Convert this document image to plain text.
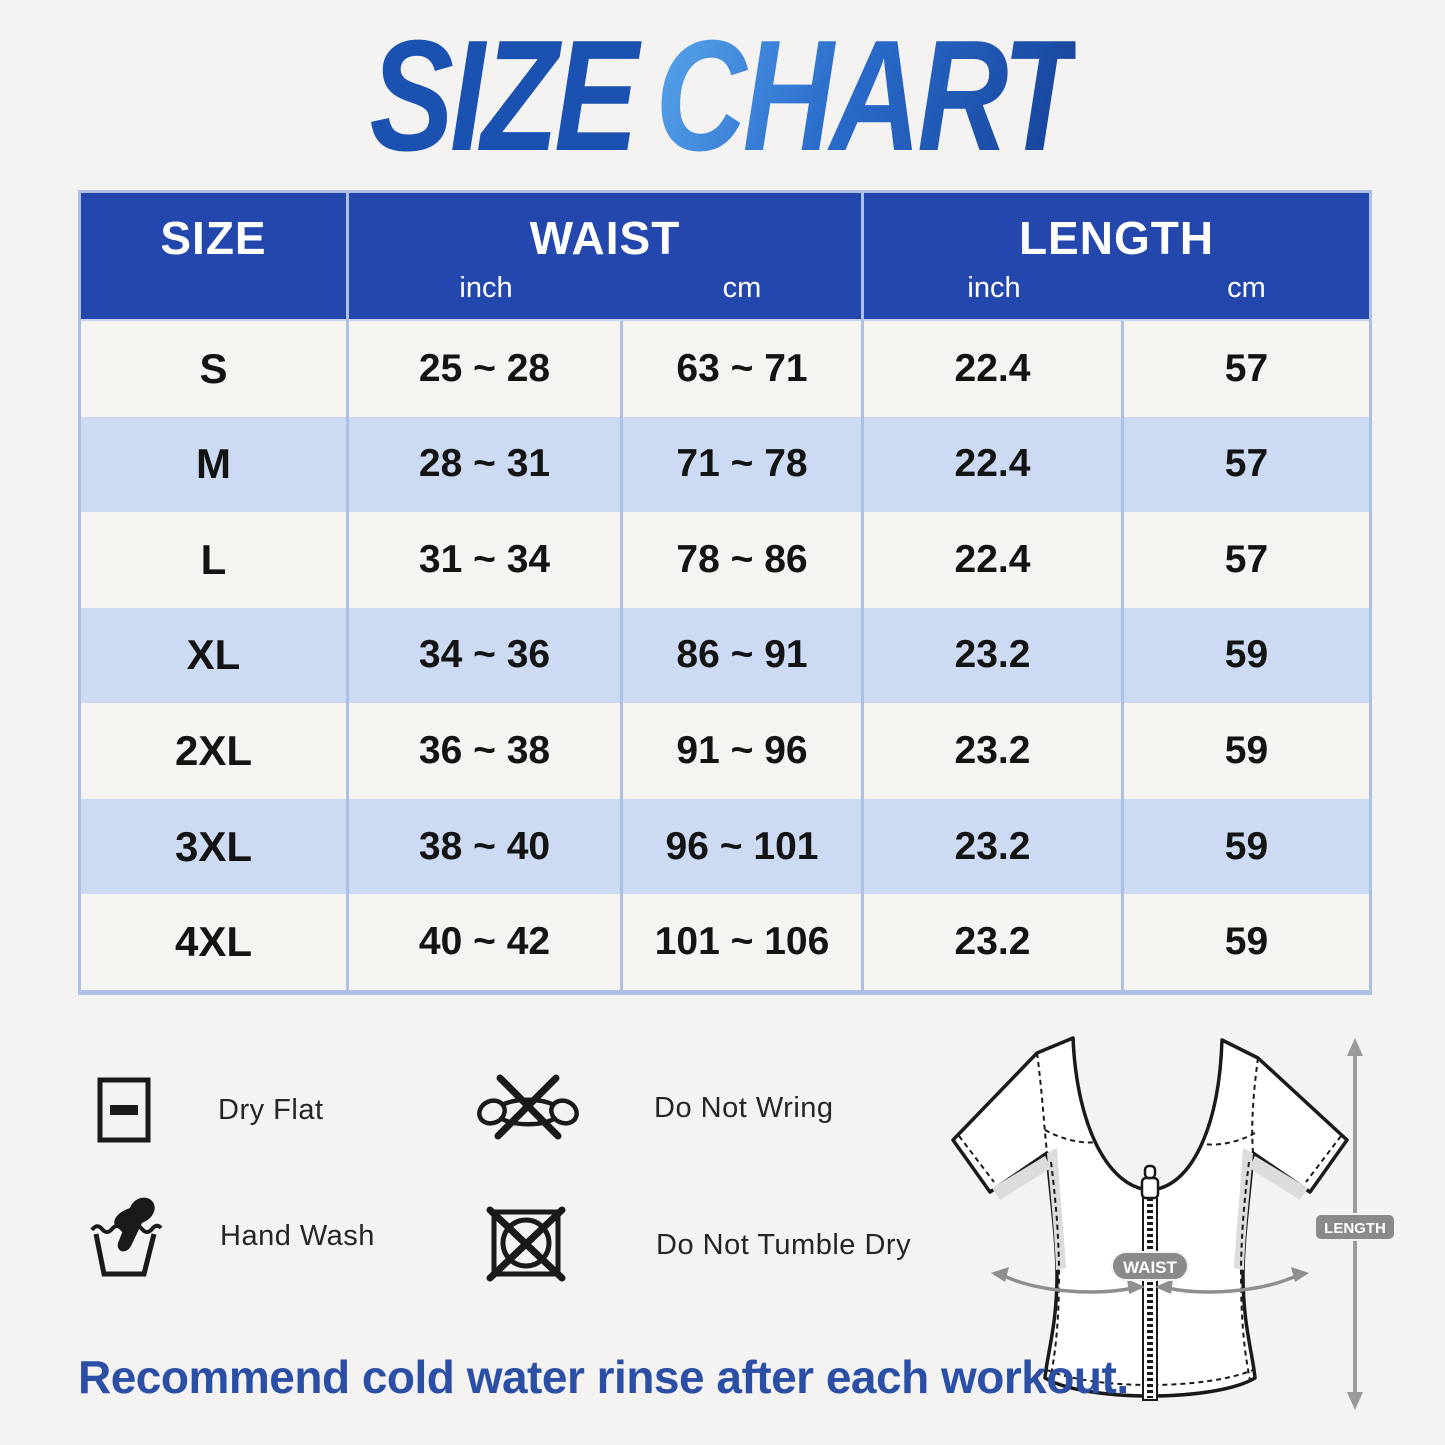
SIZE CHART
SIZE	WAIST
inch	cm
LENGTH
inch	cm
S	25 ~ 28	63 ~ 71	22.4	57
M	28 ~ 31	71 ~ 78	22.4	57
L	31 ~ 34	78 ~ 86	22.4	57
XL	34 ~ 36	86 ~ 91	23.2	59
2XL	36 ~ 38	91 ~ 96	23.2	59
3XL	38 ~ 40	96 ~ 101	23.2	59
4XL	40 ~ 42	101 ~ 106	23.2	59
Dry Flat	Do Not Wring
Hand Wash	Do Not Tumble Dry
WAIST
LENGTH
Recommend cold water rinse after each workout.
